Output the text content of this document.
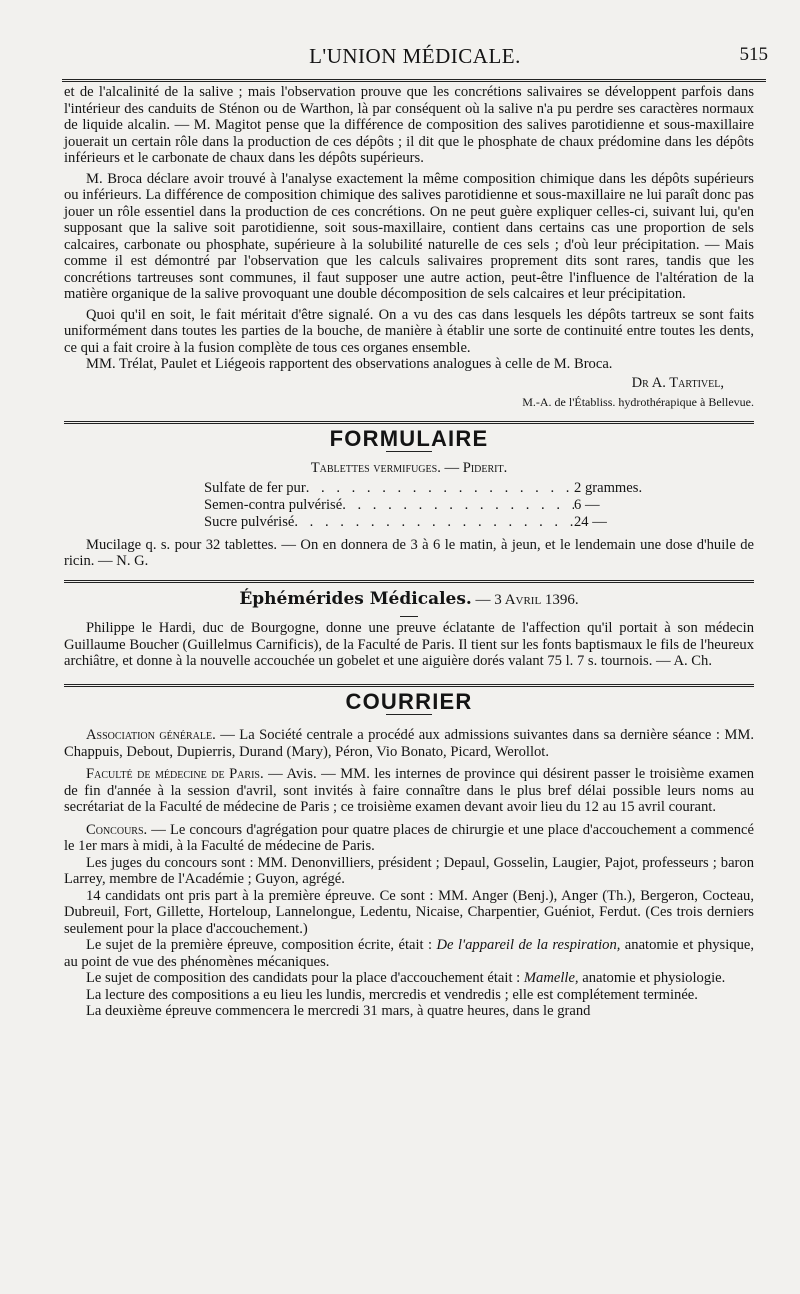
L'UNION MÉDICALE.	515

et de l'alcalinité de la salive ; mais l'observation prouve que les concrétions salivaires se développent parfois dans l'intérieur des canduits de Sténon ou de Warthon, là par conséquent où la salive n'a pu perdre ses caractères normaux de liquide alcalin. — M. Magitot pense que la différence de composition des salives parotidienne et sous-maxillaire jouerait un certain rôle dans la production de ces dépôts ; il dit que le phosphate de chaux prédomine dans les dépôts inférieurs et le carbonate de chaux dans les dépôts supérieurs.

M. Broca déclare avoir trouvé à l'analyse exactement la même composition chimique dans les dépôts supérieurs ou inférieurs. La différence de composition chimique des salives parotidienne et sous-maxillaire ne lui paraît donc pas jouer un rôle essentiel dans la production de ces concrétions. On ne peut guère expliquer celles-ci, suivant lui, qu'en supposant que la salive soit parotidienne, soit sous-maxillaire, contient dans certains cas une proportion de sels calcaires, carbonate ou phosphate, supérieure à la solubilité naturelle de ces sels ; d'où leur précipitation. — Mais comme il est démontré par l'observation que les calculs salivaires proprement dits sont rares, tandis que les concrétions tartreuses sont communes, il faut supposer une autre action, peut-être l'influence de l'altération de la matière organique de la salive provoquant une double décomposition de sels calcaires et leur précipitation.

Quoi qu'il en soit, le fait méritait d'être signalé. On a vu des cas dans lesquels les dépôts tartreux se sont faits uniformément dans toutes les parties de la bouche, de manière à établir une sorte de continuité entre toutes les dents, ce qui a fait croire à la fusion complète de tous ces organes ensemble.

MM. Trélat, Paulet et Liégeois rapportent des observations analogues à celle de M. Broca.

Dr A. Tartivel,
M.-A. de l'Établiss. hydrothérapique à Bellevue.
FORMULAIRE
Tablettes vermifuges. — Piderit.
Sulfate de fer pur . . .	2 grammes.
Semen-contra pulvérisé . . .	6 —
Sucre pulvérisé . . .	24 —

Mucilage q. s. pour 32 tablettes. — On en donnera de 3 à 6 le matin, à jeun, et le lendemain une dose d'huile de ricin. — N. G.

Éphémérides Médicales. — 3 Avril 1396.

Philippe le Hardi, duc de Bourgogne, donne une preuve éclatante de l'affection qu'il portait à son médecin Guillaume Boucher (Guillelmus Carnificis), de la Faculté de Paris. Il tient sur les fonts baptismaux le fils de l'heureux archiâtre, et donne à la nouvelle accouchée un gobelet et une aiguière dorés valant 75 l. 7 s. tournois. — A. Ch.

COURRIER

Association générale. — La Société centrale a procédé aux admissions suivantes dans sa dernière séance : MM. Chappuis, Debout, Dupierris, Durand (Mary), Péron, Vio Bonato, Picard, Werollot.

Faculté de médecine de Paris. — Avis. — MM. les internes de province qui désirent passer le troisième examen de fin d'année à la session d'avril, sont invités à faire connaître dans le plus bref délai possible leurs noms au secrétariat de la Faculté de médecine de Paris ; ce troisième examen devant avoir lieu du 12 au 15 avril courant.

Concours. — Le concours d'agrégation pour quatre places de chirurgie et une place d'accouchement a commencé le 1er mars à midi, à la Faculté de médecine de Paris.

Les juges du concours sont : MM. Denonvilliers, président ; Depaul, Gosselin, Laugier, Pajot, professeurs ; baron Larrey, membre de l'Académie ; Guyon, agrégé.

14 candidats ont pris part à la première épreuve. Ce sont : MM. Anger (Benj.), Anger (Th.), Bergeron, Cocteau, Dubreuil, Fort, Gillette, Horteloup, Lannelongue, Ledentu, Nicaise, Charpentier, Guéniot, Ferdut. (Ces trois derniers seulement pour la place d'accouchement.)

Le sujet de la première épreuve, composition écrite, était : De l'appareil de la respiration, anatomie et physique, au point de vue des phénomènes mécaniques.

Le sujet de composition des candidats pour la place d'accouchement était : Mamelle, anatomie et physiologie.

La lecture des compositions a eu lieu les lundis, mercredis et vendredis ; elle est complétement terminée.

La deuxième épreuve commencera le mercredi 31 mars, à quatre heures, dans le grand
